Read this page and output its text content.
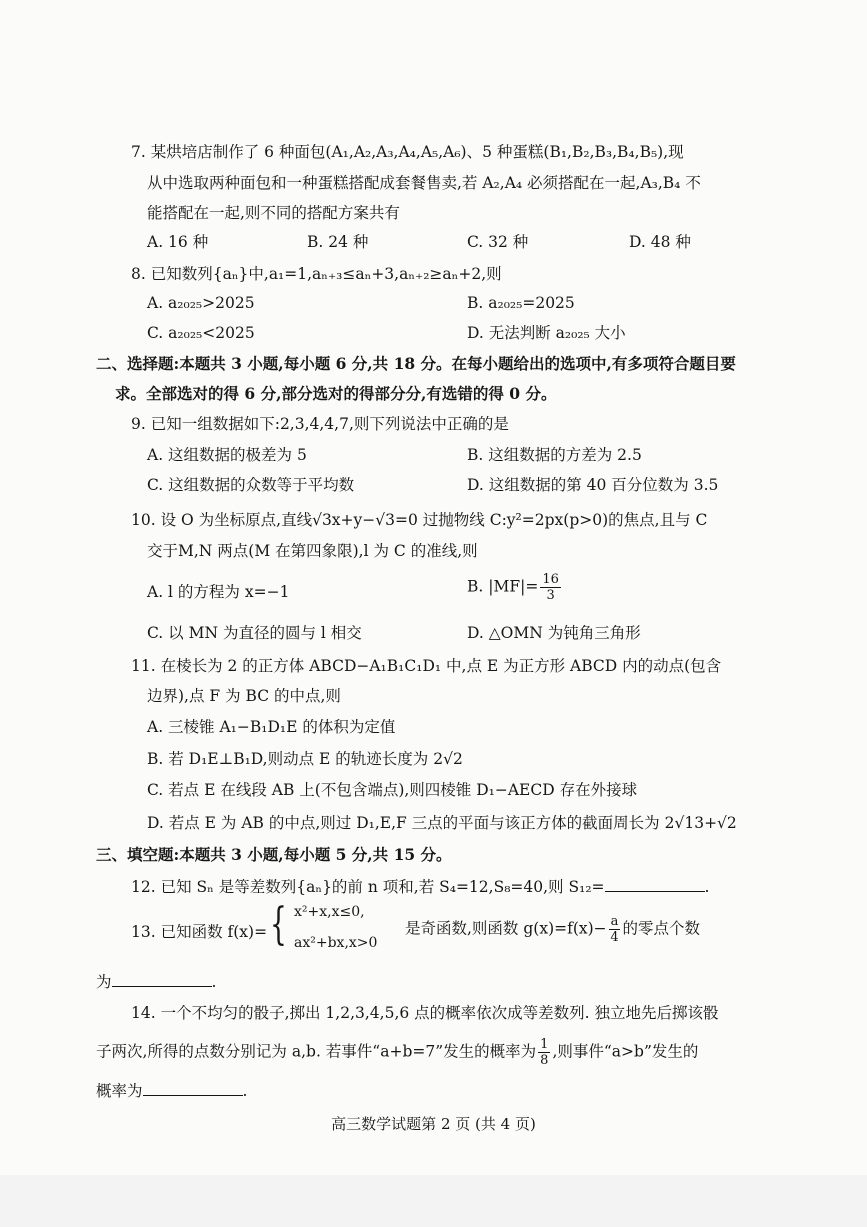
7. 某烘培店制作了 6 种面包(A₁,A₂,A₃,A₄,A₅,A₆)、5 种蛋糕(B₁,B₂,B₃,B₄,B₅),现
从中选取两种面包和一种蛋糕搭配成套餐售卖,若 A₂,A₄ 必须搭配在一起,A₃,B₄ 不
能搭配在一起,则不同的搭配方案共有
A. 16 种	B. 24 种	C. 32 种	D. 48 种
8. 已知数列{aₙ}中,a₁=1,aₙ₊₃≤aₙ+3,aₙ₊₂≥aₙ+2,则
A. a₂₀₂₅>2025	B. a₂₀₂₅=2025
C. a₂₀₂₅<2025	D. 无法判断 a₂₀₂₅ 大小
二、选择题:本题共 3 小题,每小题 6 分,共 18 分。在每小题给出的选项中,有多项符合题目要
求。全部选对的得 6 分,部分选对的得部分分,有选错的得 0 分。
9. 已知一组数据如下:2,3,4,4,7,则下列说法中正确的是
A. 这组数据的极差为 5	B. 这组数据的方差为 2.5
C. 这组数据的众数等于平均数	D. 这组数据的第 40 百分位数为 3.5
10. 设 O 为坐标原点,直线√3x+y−√3=0 过抛物线 C:y²=2px(p>0)的焦点,且与 C
交于M,N 两点(M 在第四象限),l 为 C 的准线,则
A. l 的方程为 x=−1	B. $|MF|= \frac{16}{3}$
C. 以 MN 为直径的圆与 l 相交	D. △OMN 为钝角三角形
11. 在棱长为 2 的正方体 ABCD−A₁B₁C₁D₁ 中,点 E 为正方形 ABCD 内的动点(包含
边界),点 F 为 BC 的中点,则
A. 三棱锥 A₁−B₁D₁E 的体积为定值
B. 若 D₁E⊥B₁D,则动点 E 的轨迹长度为 2√2
C. 若点 E 在线段 AB 上(不包含端点),则四棱锥 D₁−AECD 存在外接球
D. 若点 E 为 AB 的中点,则过 D₁,E,F 三点的平面与该正方体的截面周长为 2√13+√2
三、填空题:本题共 3 小题,每小题 5 分,共 15 分。
12. 已知 Sₙ 是等差数列{aₙ}的前 n 项和,若 S₄=12,S₈=40,则 S₁₂=	.
13. 已知函数 f(x)= { x²+x,x≤0,
ax²+bx,x>0
是奇函数,则函数 $g(x)=f(x)- \frac{a}{4}$ 的零点个数
为	.
14. 一个不均匀的骰子,掷出 1,2,3,4,5,6 点的概率依次成等差数列. 独立地先后掷该骰
子两次,所得的点数分别记为 a,b. 若事件“a+b=7”发生的概率为 $\frac{1}{8}$ ,则事件“a>b”发生的
概率为	.
高三数学试题第 2 页 (共 4 页)
